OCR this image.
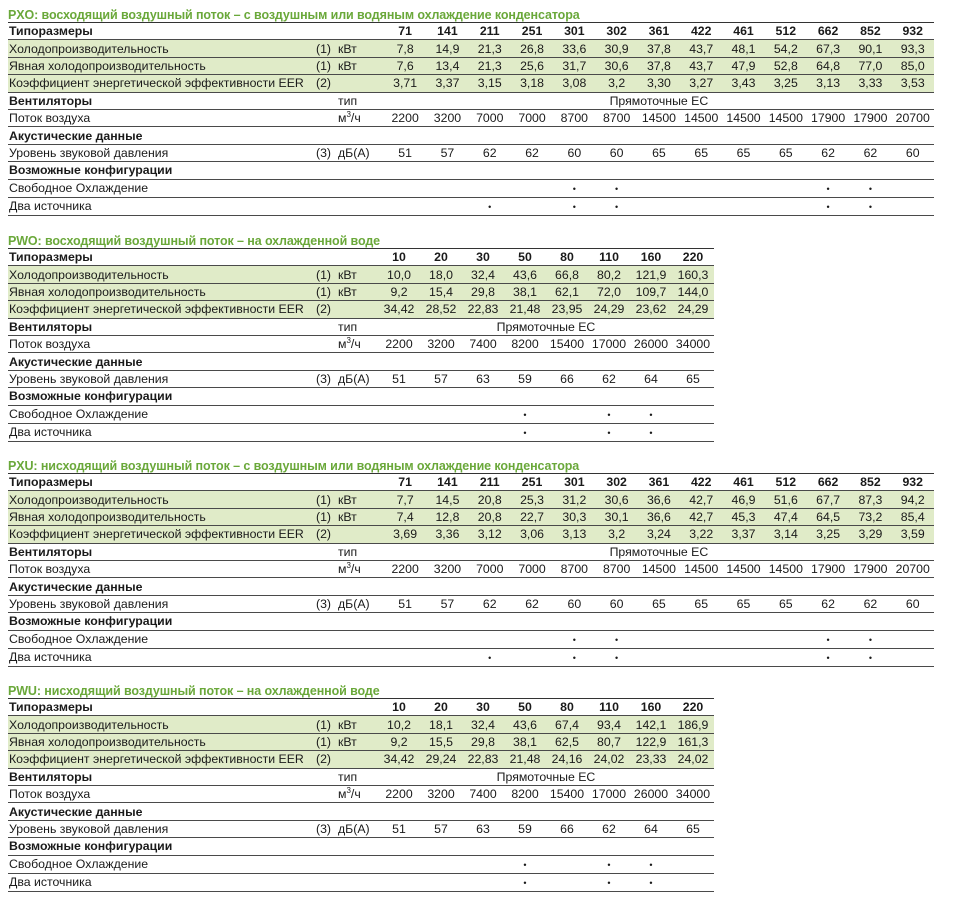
PXO: восходящий воздушный поток – с воздушным или водяным охлаждение конденсатора
Типоразмеры			71	141	211	251	301	302	361	422	461	512	662	852	932
Холодопроизводительность	(1)	кВт	7,8	14,9	21,3	26,8	33,6	30,9	37,8	43,7	48,1	54,2	67,3	90,1	93,3
Явная холодопроизводительность	(1)	кВт	7,6	13,4	21,3	25,6	31,7	30,6	37,8	43,7	47,9	52,8	64,8	77,0	85,0
Коэффициент энергетической эффективности EER	(2)		3,71	3,37	3,15	3,18	3,08	3,2	3,30	3,27	3,43	3,25	3,13	3,33	3,53
Вентиляторы		тип	Прямоточные EC												
Поток воздуха		$м^3/ч$	2200	3200	7000	7000	8700	8700	14500	14500	14500	14500	17900	17900	20700
Акустические данные															
Уровень звуковой давления	(3)	дБ(А)	51	57	62	62	60	60	65	65	65	65	62	62	60
Возможные конфигурации															
Свободное Охлаждение							•	•					•	•	
Два источника					•		•	•					•	•	
PWO: восходящий воздушный поток – на охлажденной воде
Типоразмеры			10	20	30	50	80	110	160	220
Холодопроизводительность	(1)	кВт	10,0	18,0	32,4	43,6	66,8	80,2	121,9	160,3
Явная холодопроизводительность	(1)	кВт	9,2	15,4	29,8	38,1	62,1	72,0	109,7	144,0
Коэффициент энергетической эффективности EER	(2)		34,42	28,52	22,83	21,48	23,95	24,29	23,62	24,29
Вентиляторы		тип	Прямоточные EC							
Поток воздуха		$м^3/ч$	2200	3200	7400	8200	15400	17000	26000	34000
Акустические данные										
Уровень звуковой давления	(3)	дБ(А)	51	57	63	59	66	62	64	65
Возможные конфигурации										
Свободное Охлаждение						•		•	•	
Два источника						•		•	•	
PXU: нисходящий воздушный поток – с воздушным или водяным охлаждение конденсатора
Типоразмеры			71	141	211	251	301	302	361	422	461	512	662	852	932
Холодопроизводительность	(1)	кВт	7,7	14,5	20,8	25,3	31,2	30,6	36,6	42,7	46,9	51,6	67,7	87,3	94,2
Явная холодопроизводительность	(1)	кВт	7,4	12,8	20,8	22,7	30,3	30,1	36,6	42,7	45,3	47,4	64,5	73,2	85,4
Коэффициент энергетической эффективности EER	(2)		3,69	3,36	3,12	3,06	3,13	3,2	3,24	3,22	3,37	3,14	3,25	3,29	3,59
Вентиляторы		тип	Прямоточные EC												
Поток воздуха		$м^3/ч$	2200	3200	7000	7000	8700	8700	14500	14500	14500	14500	17900	17900	20700
Акустические данные															
Уровень звуковой давления	(3)	дБ(А)	51	57	62	62	60	60	65	65	65	65	62	62	60
Возможные конфигурации															
Свободное Охлаждение							•	•					•	•	
Два источника					•		•	•					•	•	
PWU: нисходящий воздушный поток – на охлажденной воде
Типоразмеры			10	20	30	50	80	110	160	220
Холодопроизводительность	(1)	кВт	10,2	18,1	32,4	43,6	67,4	93,4	142,1	186,9
Явная холодопроизводительность	(1)	кВт	9,2	15,5	29,8	38,1	62,5	80,7	122,9	161,3
Коэффициент энергетической эффективности EER	(2)		34,42	29,24	22,83	21,48	24,16	24,02	23,33	24,02
Вентиляторы		тип	Прямоточные EC							
Поток воздуха		$м^3/ч$	2200	3200	7400	8200	15400	17000	26000	34000
Акустические данные										
Уровень звуковой давления	(3)	дБ(А)	51	57	63	59	66	62	64	65
Возможные конфигурации										
Свободное Охлаждение						•		•	•	
Два источника						•		•	•	
